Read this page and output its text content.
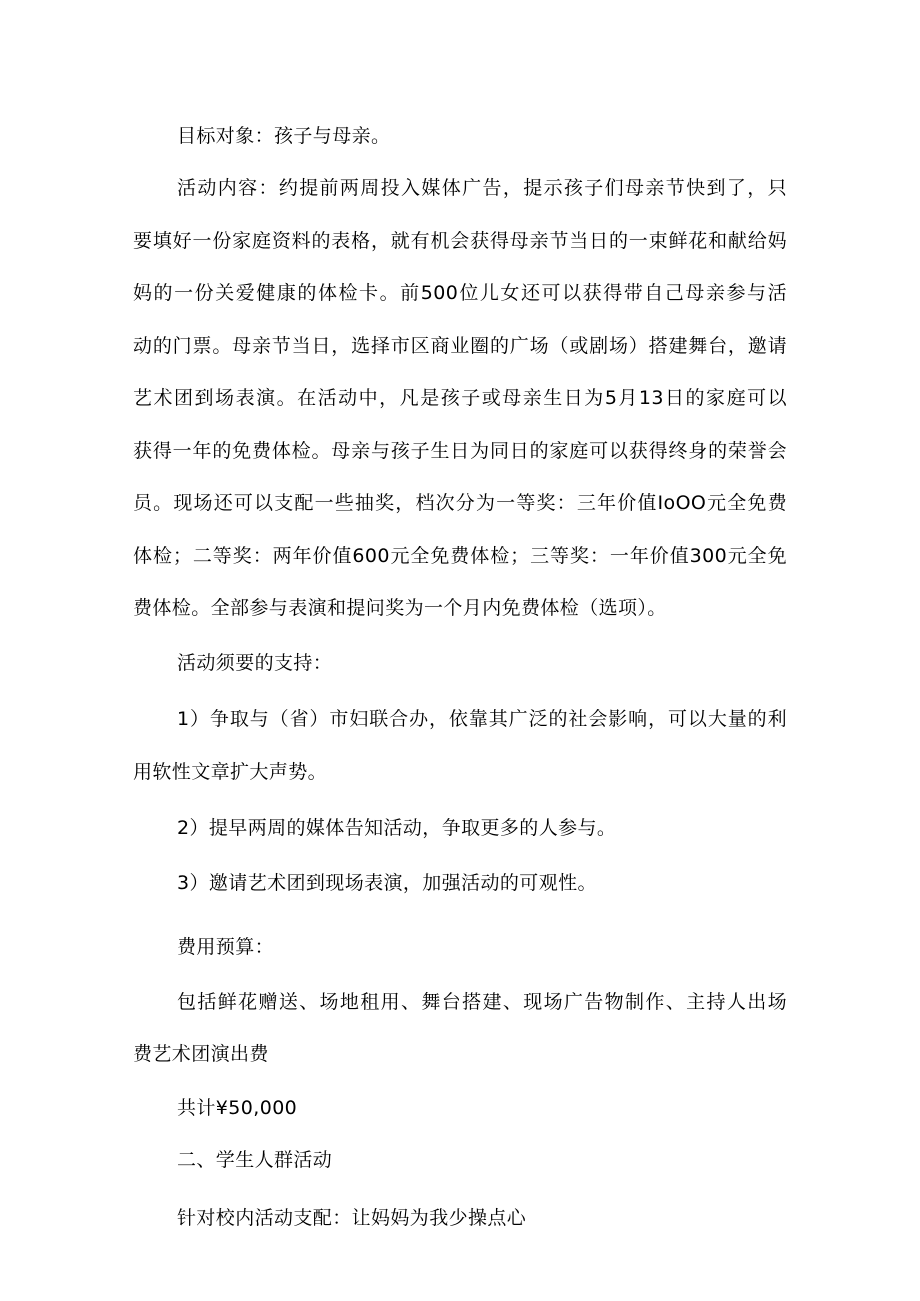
目标对象：孩子与母亲。
活动内容：约提前两周投入媒体广告，提示孩子们母亲节快到了，只
要填好一份家庭资料的表格，就有机会获得母亲节当日的一束鲜花和献给妈
妈的一份关爱健康的体检卡。前500位儿女还可以获得带自己母亲参与活
动的门票。母亲节当日，选择市区商业圈的广场（或剧场）搭建舞台，邀请
艺术团到场表演。在活动中，凡是孩子或母亲生日为5月13日的家庭可以
获得一年的免费体检。母亲与孩子生日为同日的家庭可以获得终身的荣誉会
员。现场还可以支配一些抽奖，档次分为一等奖：三年价值IoOO元全免费
体检；二等奖：两年价值600元全免费体检；三等奖：一年价值300元全免
费体检。全部参与表演和提问奖为一个月内免费体检（选项）。
活动须要的支持：
1）争取与（省）市妇联合办，依靠其广泛的社会影响，可以大量的利
用软性文章扩大声势。
2）提早两周的媒体告知活动，争取更多的人参与。
3）邀请艺术团到现场表演，加强活动的可观性。
费用预算：
包括鲜花赠送、场地租用、舞台搭建、现场广告物制作、主持人出场
费艺术团演出费
共计¥50,000
二、学生人群活动
针对校内活动支配：让妈妈为我少操点心
